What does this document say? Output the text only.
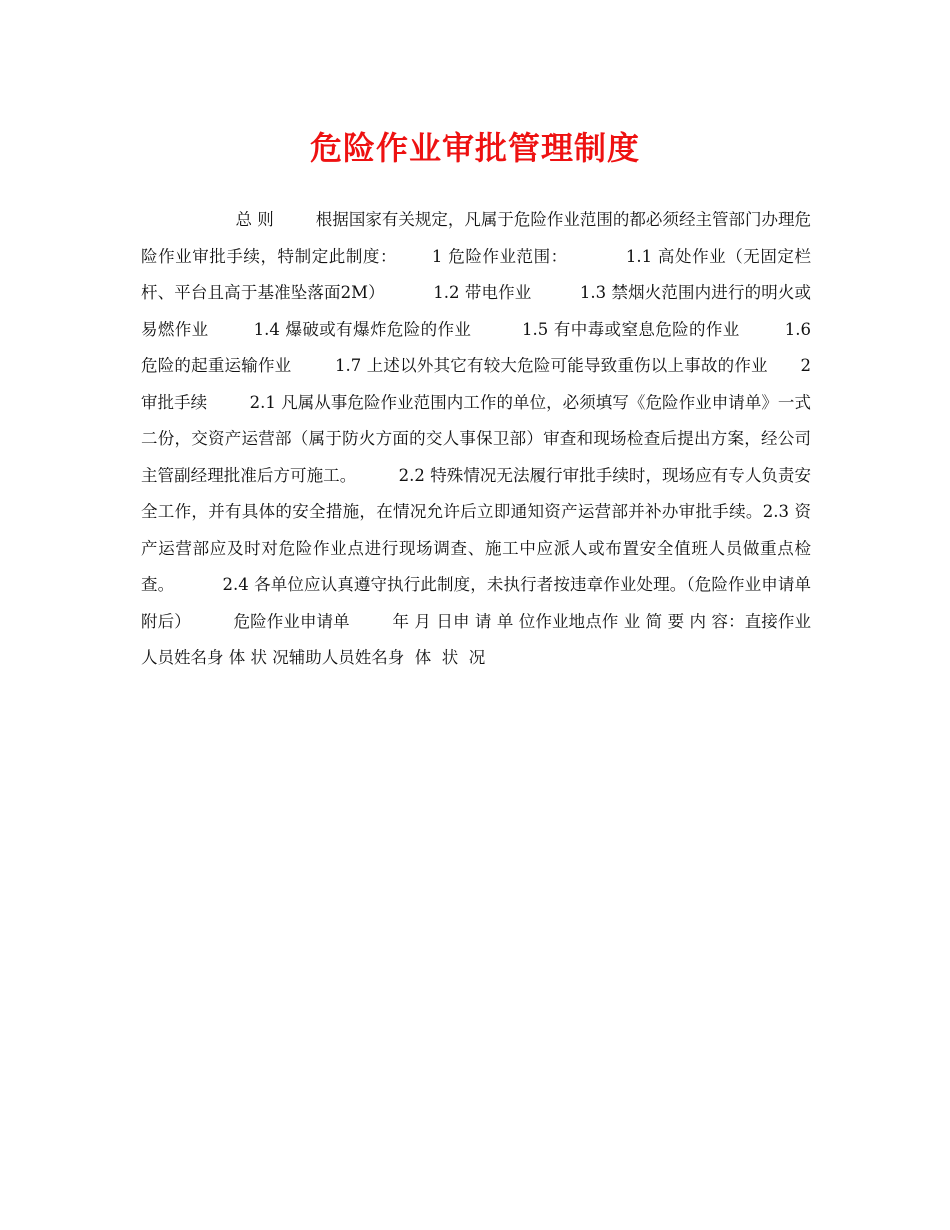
危险作业审批管理制度

总 则        根据国家有关规定，凡属于危险作业范围的都必须经主管部门办理危险作业审批手续，特制定此制度：      1 危险作业范围：          1.1 高处作业（无固定栏杆、平台且高于基准坠落面2M）         1.2 带电作业         1.3 禁烟火范围内进行的明火或易燃作业        1.4 爆破或有爆炸危险的作业         1.5 有中毒或窒息危险的作业        1.6 危险的起重运输作业        1.7 上述以外其它有较大危险可能导致重伤以上事故的作业      2 审批手续        2.1 凡属从事危险作业范围内工作的单位，必须填写《危险作业申请单》一式二份，交资产运营部（属于防火方面的交人事保卫部）审查和现场检查后提出方案，经公司主管副经理批准后方可施工。        2.2 特殊情况无法履行审批手续时，现场应有专人负责安全工作，并有具体的安全措施，在情况允许后立即通知资产运营部并补办审批手续。2.3 资产运营部应及时对危险作业点进行现场调查、施工中应派人或布置安全值班人员做重点检查。         2.4 各单位应认真遵守执行此制度，未执行者按违章作业处理。（危险作业申请单附后）        危险作业申请单        年 月 日申 请 单 位作业地点作 业 简 要 内 容：直接作业人员姓名身 体 状 况辅助人员姓名身  体  状  况
